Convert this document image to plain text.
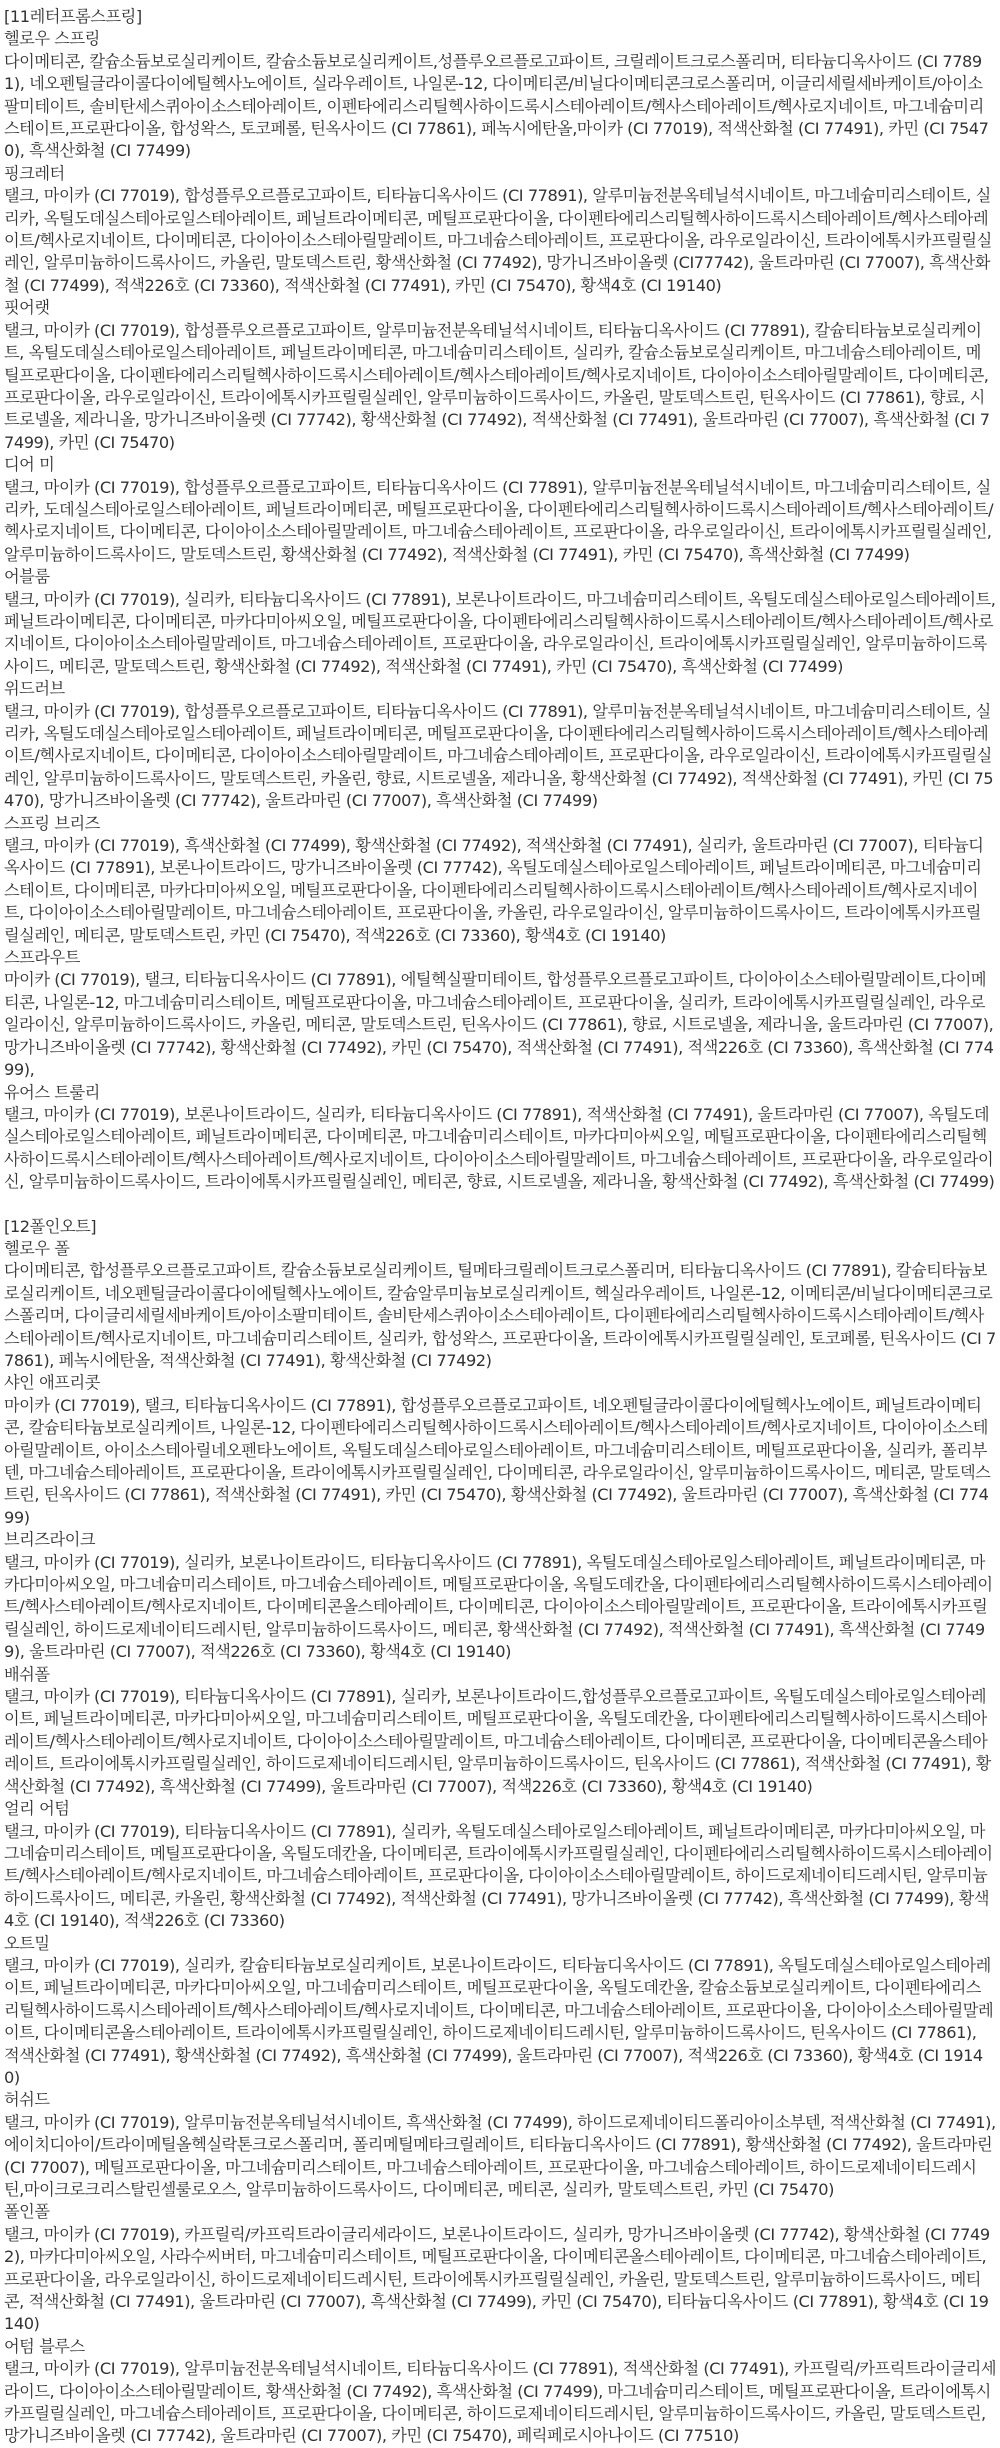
[11레터프롬스프링]
헬로우 스프링
다이메티콘, 칼슘소듐보로실리케이트, 칼슘소듐보로실리케이트,성플루오르플로고파이트, 크릴레이트크로스폴리머, 티타늄디옥사이드 (CI 77891), 네오펜틸글라이콜다이에틸헥사노에이트, 실라우레이트, 나일론-12, 다이메티콘/비닐다이메티콘크로스폴리머, 이글리세릴세바케이트/아이소팔미테이트, 솔비탄세스퀴아이소스테아레이트, 이펜타에리스리틸헥사하이드록시스테아레이트/헥사스테아레이트/헥사로지네이트, 마그네슘미리스테이트,프로판다이올, 합성왁스, 토코페롤, 틴옥사이드 (CI 77861), 페녹시에탄올,마이카 (CI 77019), 적색산화철 (CI 77491), 카민 (CI 75470), 흑색산화철 (CI 77499)
핑크레터
탤크, 마이카 (CI 77019), 합성플루오르플로고파이트, 티타늄디옥사이드 (CI 77891), 알루미늄전분옥테닐석시네이트, 마그네슘미리스테이트, 실리카, 옥틸도데실스테아로일스테아레이트, 페닐트라이메티콘, 메틸프로판다이올, 다이펜타에리스리틸헥사하이드록시스테아레이트/헥사스테아레이트/헥사로지네이트, 다이메티콘, 다이아이소스테아릴말레이트, 마그네슘스테아레이트, 프로판다이올, 라우로일라이신, 트라이에톡시카프릴릴실레인, 알루미늄하이드록사이드, 카올린, 말토덱스트린, 황색산화철 (CI 77492), 망가니즈바이올렛 (CI77742), 울트라마린 (CI 77007), 흑색산화철 (CI 77499), 적색226호 (CI 73360), 적색산화철 (CI 77491), 카민 (CI 75470), 황색4호 (CI 19140)
핏어랫
탤크, 마이카 (CI 77019), 합성플루오르플로고파이트, 알루미늄전분옥테닐석시네이트, 티타늄디옥사이드 (CI 77891), 칼슘티타늄보로실리케이트, 옥틸도데실스테아로일스테아레이트, 페닐트라이메티콘, 마그네슘미리스테이트, 실리카, 칼슘소듐보로실리케이트, 마그네슘스테아레이트, 메틸프로판다이올, 다이펜타에리스리틸헥사하이드록시스테아레이트/헥사스테아레이트/헥사로지네이트, 다이아이소스테아릴말레이트, 다이메티콘, 프로판다이올, 라우로일라이신, 트라이에톡시카프릴릴실레인, 알루미늄하이드록사이드, 카올린, 말토덱스트린, 틴옥사이드 (CI 77861), 향료, 시트로넬올, 제라니올, 망가니즈바이올렛 (CI 77742), 황색산화철 (CI 77492), 적색산화철 (CI 77491), 울트라마린 (CI 77007), 흑색산화철 (CI 77499), 카민 (CI 75470)
디어 미
탤크, 마이카 (CI 77019), 합성플루오르플로고파이트, 티타늄디옥사이드 (CI 77891), 알루미늄전분옥테닐석시네이트, 마그네슘미리스테이트, 실리카, 도데실스테아로일스테아레이트, 페닐트라이메티콘, 메틸프로판다이올, 다이펜타에리스리틸헥사하이드록시스테아레이트/헥사스테아레이트/헥사로지네이트, 다이메티콘, 다이아이소스테아릴말레이트, 마그네슘스테아레이트, 프로판다이올, 라우로일라이신, 트라이에톡시카프릴릴실레인, 알루미늄하이드록사이드, 말토덱스트린, 황색산화철 (CI 77492), 적색산화철 (CI 77491), 카민 (CI 75470), 흑색산화철 (CI 77499)
어블룸
탤크, 마이카 (CI 77019), 실리카, 티타늄디옥사이드 (CI 77891), 보론나이트라이드, 마그네슘미리스테이트, 옥틸도데실스테아로일스테아레이트, 페닐트라이메티콘, 다이메티콘, 마카다미아씨오일, 메틸프로판다이올, 다이펜타에리스리틸헥사하이드록시스테아레이트/헥사스테아레이트/헥사로지네이트, 다이아이소스테아릴말레이트, 마그네슘스테아레이트, 프로판다이올, 라우로일라이신, 트라이에톡시카프릴릴실레인, 알루미늄하이드록사이드, 메티콘, 말토덱스트린, 황색산화철 (CI 77492), 적색산화철 (CI 77491), 카민 (CI 75470), 흑색산화철 (CI 77499)
위드러브
탤크, 마이카 (CI 77019), 합성플루오르플로고파이트, 티타늄디옥사이드 (CI 77891), 알루미늄전분옥테닐석시네이트, 마그네슘미리스테이트, 실리카, 옥틸도데실스테아로일스테아레이트, 페닐트라이메티콘, 메틸프로판다이올, 다이펜타에리스리틸헥사하이드록시스테아레이트/헥사스테아레이트/헥사로지네이트, 다이메티콘, 다이아이소스테아릴말레이트, 마그네슘스테아레이트, 프로판다이올, 라우로일라이신, 트라이에톡시카프릴릴실레인, 알루미늄하이드록사이드, 말토덱스트린, 카올린, 향료, 시트로넬올, 제라니올, 황색산화철 (CI 77492), 적색산화철 (CI 77491), 카민 (CI 75470), 망가니즈바이올렛 (CI 77742), 울트라마린 (CI 77007), 흑색산화철 (CI 77499)
스프링 브리즈
탤크, 마이카 (CI 77019), 흑색산화철 (CI 77499), 황색산화철 (CI 77492), 적색산화철 (CI 77491), 실리카, 울트라마린 (CI 77007), 티타늄디옥사이드 (CI 77891), 보론나이트라이드, 망가니즈바이올렛 (CI 77742), 옥틸도데실스테아로일스테아레이트, 페닐트라이메티콘, 마그네슘미리스테이트, 다이메티콘, 마카다미아씨오일, 메틸프로판다이올, 다이펜타에리스리틸헥사하이드록시스테아레이트/헥사스테아레이트/헥사로지네이트, 다이아이소스테아릴말레이트, 마그네슘스테아레이트, 프로판다이올, 카올린, 라우로일라이신, 알루미늄하이드록사이드, 트라이에톡시카프릴릴실레인, 메티콘, 말토덱스트린, 카민 (CI 75470), 적색226호 (CI 73360), 황색4호 (CI 19140)
스프라우트
마이카 (CI 77019), 탤크, 티타늄디옥사이드 (CI 77891), 에틸헥실팔미테이트, 합성플루오르플로고파이트, 다이아이소스테아릴말레이트,다이메티콘, 나일론-12, 마그네슘미리스테이트, 메틸프로판다이올, 마그네슘스테아레이트, 프로판다이올, 실리카, 트라이에톡시카프릴릴실레인, 라우로일라이신, 알루미늄하이드록사이드, 카올린, 메티콘, 말토덱스트린, 틴옥사이드 (CI 77861), 향료, 시트로넬올, 제라니올, 울트라마린 (CI 77007), 망가니즈바이올렛 (CI 77742), 황색산화철 (CI 77492), 카민 (CI 75470), 적색산화철 (CI 77491), 적색226호 (CI 73360), 흑색산화철 (CI 77499),
유어스 트룰리
탤크, 마이카 (CI 77019), 보론나이트라이드, 실리카, 티타늄디옥사이드 (CI 77891), 적색산화철 (CI 77491), 울트라마린 (CI 77007), 옥틸도데실스테아로일스테아레이트, 페닐트라이메티콘, 다이메티콘, 마그네슘미리스테이트, 마카다미아씨오일, 메틸프로판다이올, 다이펜타에리스리틸헥사하이드록시스테아레이트/헥사스테아레이트/헥사로지네이트, 다이아이소스테아릴말레이트, 마그네슘스테아레이트, 프로판다이올, 라우로일라이신, 알루미늄하이드록사이드, 트라이에톡시카프릴릴실레인, 메티콘, 향료, 시트로넬올, 제라니올, 황색산화철 (CI 77492), 흑색산화철 (CI 77499)
[12폴인오트]
헬로우 폴
다이메티콘, 합성플루오르플로고파이트, 칼슘소듐보로실리케이트, 틸메타크릴레이트크로스폴리머, 티타늄디옥사이드 (CI 77891), 칼슘티타늄보로실리케이트, 네오펜틸글라이콜다이에틸헥사노에이트, 칼슘알루미늄보로실리케이트, 헥실라우레이트, 나일론-12, 이메티콘/비닐다이메티콘크로스폴리머, 다이글리세릴세바케이트/아이소팔미테이트, 솔비탄세스퀴아이소스테아레이트, 다이펜타에리스리틸헥사하이드록시스테아레이트/헥사스테아레이트/헥사로지네이트, 마그네슘미리스테이트, 실리카, 합성왁스, 프로판다이올, 트라이에톡시카프릴릴실레인, 토코페롤, 틴옥사이드 (CI 77861), 페녹시에탄올, 적색산화철 (CI 77491), 황색산화철 (CI 77492)
샤인 애프리콧
마이카 (CI 77019), 탤크, 티타늄디옥사이드 (CI 77891), 합성플루오르플로고파이트, 네오펜틸글라이콜다이에틸헥사노에이트, 페닐트라이메티콘, 칼슘티타늄보로실리케이트, 나일론-12, 다이펜타에리스리틸헥사하이드록시스테아레이트/헥사스테아레이트/헥사로지네이트, 다이아이소스테아릴말레이트, 아이소스테아릴네오펜타노에이트, 옥틸도데실스테아로일스테아레이트, 마그네슘미리스테이트, 메틸프로판다이올, 실리카, 폴리부텐, 마그네슘스테아레이트, 프로판다이올, 트라이에톡시카프릴릴실레인, 다이메티콘, 라우로일라이신, 알루미늄하이드록사이드, 메티콘, 말토덱스트린, 틴옥사이드 (CI 77861), 적색산화철 (CI 77491), 카민 (CI 75470), 황색산화철 (CI 77492), 울트라마린 (CI 77007), 흑색산화철 (CI 77499)
브리즈라이크
탤크, 마이카 (CI 77019), 실리카, 보론나이트라이드, 티타늄디옥사이드 (CI 77891), 옥틸도데실스테아로일스테아레이트, 페닐트라이메티콘, 마카다미아씨오일, 마그네슘미리스테이트, 마그네슘스테아레이트, 메틸프로판다이올, 옥틸도데칸올, 다이펜타에리스리틸헥사하이드록시스테아레이트/헥사스테아레이트/헥사로지네이트, 다이메티콘올스테아레이트, 다이메티콘, 다이아이소스테아릴말레이트, 프로판다이올, 트라이에톡시카프릴릴실레인, 하이드로제네이티드레시틴, 알루미늄하이드록사이드, 메티콘, 황색산화철 (CI 77492), 적색산화철 (CI 77491), 흑색산화철 (CI 77499), 울트라마린 (CI 77007), 적색226호 (CI 73360), 황색4호 (CI 19140)
배쉬폴
탤크, 마이카 (CI 77019), 티타늄디옥사이드 (CI 77891), 실리카, 보론나이트라이드,합성플루오르플로고파이트, 옥틸도데실스테아로일스테아레이트, 페닐트라이메티콘, 마카다미아씨오일, 마그네슘미리스테이트, 메틸프로판다이올, 옥틸도데칸올, 다이펜타에리스리틸헥사하이드록시스테아레이트/헥사스테아레이트/헥사로지네이트, 다이아이소스테아릴말레이트, 마그네슘스테아레이트, 다이메티콘, 프로판다이올, 다이메티콘올스테아레이트, 트라이에톡시카프릴릴실레인, 하이드로제네이티드레시틴, 알루미늄하이드록사이드, 틴옥사이드 (CI 77861), 적색산화철 (CI 77491), 황색산화철 (CI 77492), 흑색산화철 (CI 77499), 울트라마린 (CI 77007), 적색226호 (CI 73360), 황색4호 (CI 19140)
얼리 어텀
탤크, 마이카 (CI 77019), 티타늄디옥사이드 (CI 77891), 실리카, 옥틸도데실스테아로일스테아레이트, 페닐트라이메티콘, 마카다미아씨오일, 마그네슘미리스테이트, 메틸프로판다이올, 옥틸도데칸올, 다이메티콘, 트라이에톡시카프릴릴실레인, 다이펜타에리스리틸헥사하이드록시스테아레이트/헥사스테아레이트/헥사로지네이트, 마그네슘스테아레이트, 프로판다이올, 다이아이소스테아릴말레이트, 하이드로제네이티드레시틴, 알루미늄하이드록사이드, 메티콘, 카올린, 황색산화철 (CI 77492), 적색산화철 (CI 77491), 망가니즈바이올렛 (CI 77742), 흑색산화철 (CI 77499), 황색4호 (CI 19140), 적색226호 (CI 73360)
오트밀
탤크, 마이카 (CI 77019), 실리카, 칼슘티타늄보로실리케이트, 보론나이트라이드, 티타늄디옥사이드 (CI 77891), 옥틸도데실스테아로일스테아레이트, 페닐트라이메티콘, 마카다미아씨오일, 마그네슘미리스테이트, 메틸프로판다이올, 옥틸도데칸올, 칼슘소듐보로실리케이트, 다이펜타에리스리틸헥사하이드록시스테아레이트/헥사스테아레이트/헥사로지네이트, 다이메티콘, 마그네슘스테아레이트, 프로판다이올, 다이아이소스테아릴말레이트, 다이메티콘올스테아레이트, 트라이에톡시카프릴릴실레인, 하이드로제네이티드레시틴, 알루미늄하이드록사이드, 틴옥사이드 (CI 77861), 적색산화철 (CI 77491), 황색산화철 (CI 77492), 흑색산화철 (CI 77499), 울트라마린 (CI 77007), 적색226호 (CI 73360), 황색4호 (CI 19140)
허쉬드
탤크, 마이카 (CI 77019), 알루미늄전분옥테닐석시네이트, 흑색산화철 (CI 77499), 하이드로제네이티드폴리아이소부텐, 적색산화철 (CI 77491), 에이치디아이/트라이메틸올헥실락톤크로스폴리머, 폴리메틸메타크릴레이트, 티타늄디옥사이드 (CI 77891), 황색산화철 (CI 77492), 울트라마린 (CI 77007), 메틸프로판다이올, 마그네슘미리스테이트, 마그네슘스테아레이트, 프로판다이올, 마그네슘스테아레이트, 하이드로제네이티드레시틴,마이크로크리스탈린셀룰로오스, 알루미늄하이드록사이드, 다이메티콘, 메티콘, 실리카, 말토덱스트린, 카민 (CI 75470)
폴인폴
탤크, 마이카 (CI 77019), 카프릴릭/카프릭트라이글리세라이드, 보론나이트라이드, 실리카, 망가니즈바이올렛 (CI 77742), 황색산화철 (CI 77492), 마카다미아씨오일, 사라수씨버터, 마그네슘미리스테이트, 메틸프로판다이올, 다이메티콘올스테아레이트, 다이메티콘, 마그네슘스테아레이트, 프로판다이올, 라우로일라이신, 하이드로제네이티드레시틴, 트라이에톡시카프릴릴실레인, 카올린, 말토덱스트린, 알루미늄하이드록사이드, 메티콘, 적색산화철 (CI 77491), 울트라마린 (CI 77007), 흑색산화철 (CI 77499), 카민 (CI 75470), 티타늄디옥사이드 (CI 77891), 황색4호 (CI 19140)
어텀 블루스
탤크, 마이카 (CI 77019), 알루미늄전분옥테닐석시네이트, 티타늄디옥사이드 (CI 77891), 적색산화철 (CI 77491), 카프릴릭/카프릭트라이글리세라이드, 다이아이소스테아릴말레이트, 황색산화철 (CI 77492), 흑색산화철 (CI 77499), 마그네슘미리스테이트, 메틸프로판다이올, 트라이에톡시카프릴릴실레인, 마그네슘스테아레이트, 프로판다이올, 다이메티콘, 하이드로제네이티드레시틴, 알루미늄하이드록사이드, 카올린, 말토덱스트린, 망가니즈바이올렛 (CI 77742), 울트라마린 (CI 77007), 카민 (CI 75470), 페릭페로시아나이드 (CI 77510)
